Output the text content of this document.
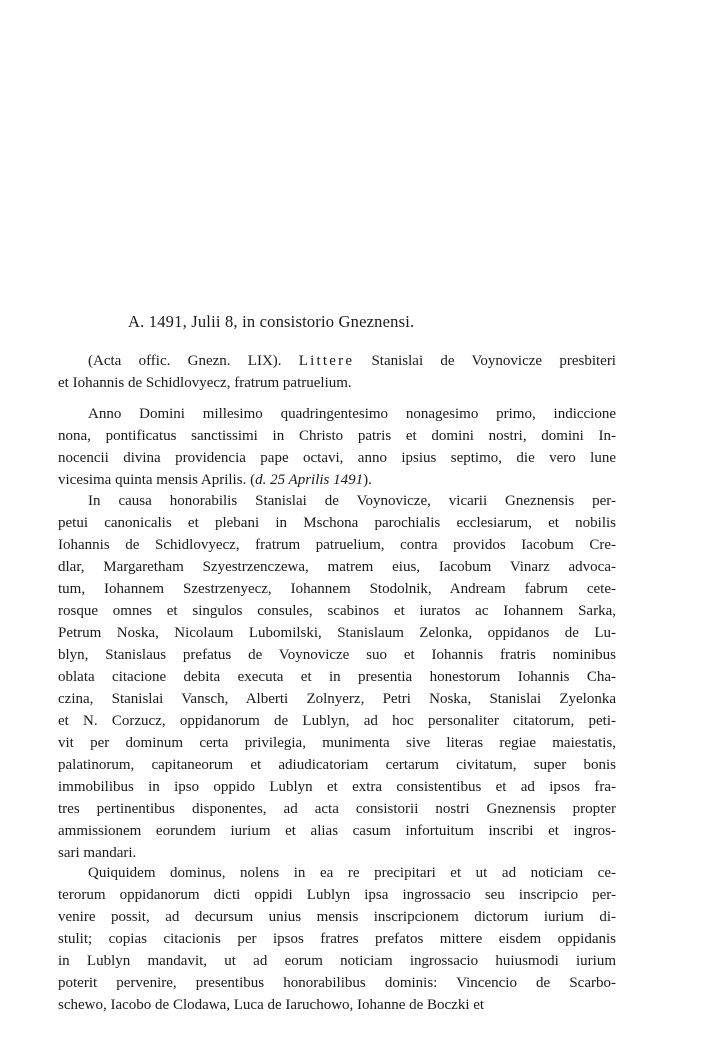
A. 1491, Julii 8, in consistorio Gneznensi.
(Acta offic. Gnezn. LIX). Littere Stanislai de Voynovicze presbiteri
et Iohannis de Schidlovyecz, fratrum patruelium.
Anno Domini millesimo quadringentesimo nonagesimo primo, indiccione
nona, pontificatus sanctissimi in Christo patris et domini nostri, domini In-
nocencii divina providencia pape octavi, anno ipsius septimo, die vero lune
vicesima quinta mensis Aprilis. (d. 25 Aprilis 1491).
In causa honorabilis Stanislai de Voynovicze, vicarii Gneznensis per-
petui canonicalis et plebani in Mschona parochialis ecclesiarum, et nobilis
Iohannis de Schidlovyecz, fratrum patruelium, contra providos Iacobum Cre-
dlar, Margaretham Szyestrzenczewa, matrem eius, Iacobum Vinarz advoca-
tum, Iohannem Szestrzenyecz, Iohannem Stodolnik, Andream fabrum cete-
rosque omnes et singulos consules, scabinos et iuratos ac Iohannem Sarka,
Petrum Noska, Nicolaum Lubomilski, Stanislaum Zelonka, oppidanos de Lu-
blyn, Stanislaus prefatus de Voynovicze suo et Iohannis fratris nominibus
oblata citacione debita executa et in presentia honestorum Iohannis Cha-
czina, Stanislai Vansch, Alberti Zolnyerz, Petri Noska, Stanislai Zyelonka
et N. Corzucz, oppidanorum de Lublyn, ad hoc personaliter citatorum, peti-
vit per dominum certa privilegia, munimenta sive literas regiae maiestatis,
palatinorum, capitaneorum et adiudicatoriam certarum civitatum, super bonis
immobilibus in ipso oppido Lublyn et extra consistentibus et ad ipsos fra-
tres pertinentibus disponentes, ad acta consistorii nostri Gneznensis propter
ammissionem eorundem iurium et alias casum infortuitum inscribi et ingros-
sari mandari.
Quiquidem dominus, nolens in ea re precipitari et ut ad noticiam ce-
terorum oppidanorum dicti oppidi Lublyn ipsa ingrossacio seu inscripcio per-
venire possit, ad decursum unius mensis inscripcionem dictorum iurium di-
stulit; copias citacionis per ipsos fratres prefatos mittere eisdem oppidanis
in Lublyn mandavit, ut ad eorum noticiam ingrossacio huiusmodi iurium
poterit pervenire, presentibus honorabilibus dominis: Vincencio de Scarbo-
schewo, Iacobo de Clodawa, Luca de Iaruchowo, Iohanne de Boczki et
